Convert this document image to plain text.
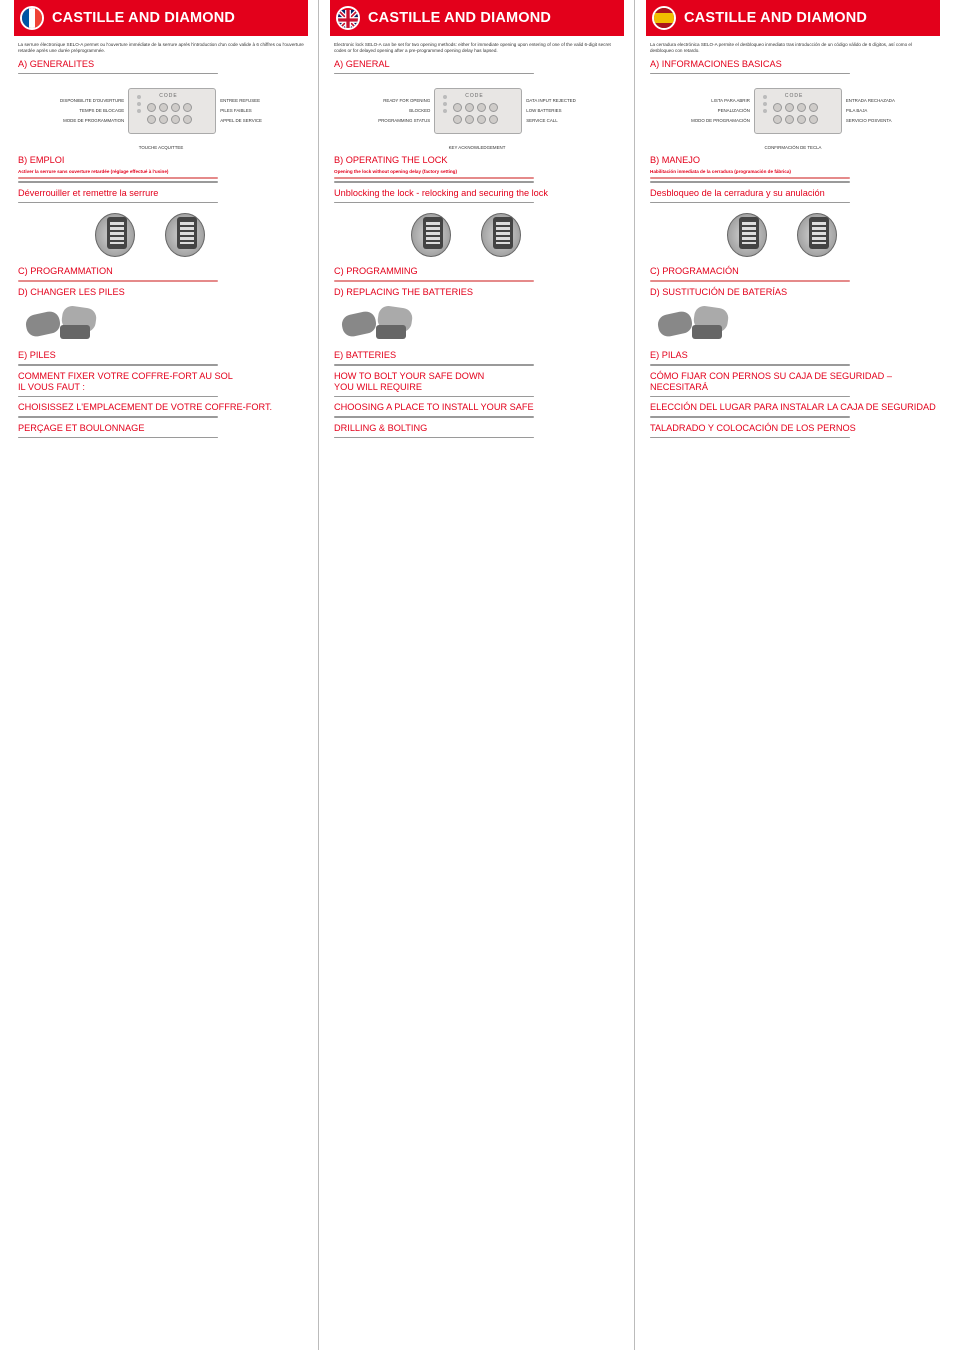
CASTILLE AND DIAMOND
La serrure électronique SELO-A permet ou l'ouverture immédiate de la serrure après l'introduction d'un code valide à 6 chiffres ou l'ouverture retardée après une durée préprogrammée.
A) GENERALITES
DISPONIBILITE D'OUVERTURE
TEMPS DE BLOCAGE
MODE DE PROGRAMMATION
CODE
ENTREE REFUSEE
PILES FAIBLES
APPEL DE SERVICE
TOUCHE ACQUITTEE
B) EMPLOI
Activer la serrure sans ouverture retardée (réglage effectué à l'usine)
Déverrouiller et remettre la serrure
C) PROGRAMMATION
D) CHANGER LES PILES
E) PILES
COMMENT FIXER VOTRE COFFRE-FORT AU SOL
IL VOUS FAUT :
CHOISISSEZ L'EMPLACEMENT DE VOTRE COFFRE-FORT.
PERÇAGE ET BOULONNAGE
CASTILLE AND DIAMOND
Electronic lock SELO-A can be set for two opening methods: either for immediate opening upon entering of one of the valid 6-digit secret codes or for delayed opening after a pre-programmed opening delay has lapsed.
A) GENERAL
READY FOR OPENING
BLOCKED
PROGRAMMING STATUS
CODE
DATA INPUT REJECTED
LOW BATTERIES
SERVICE CALL
KEY ACKNOWLEDGEMENT
B) OPERATING THE LOCK
Opening the lock without opening delay (factory setting)
Unblocking the lock - relocking and securing the lock
C) PROGRAMMING
D) REPLACING THE BATTERIES
E) BATTERIES
HOW TO BOLT YOUR SAFE DOWN
YOU WILL REQUIRE
CHOOSING A PLACE TO INSTALL YOUR SAFE
DRILLING & BOLTING
CASTILLE AND DIAMOND
La cerradura electrónica SELO-A permite el desbloqueo inmediato tras introducción de un código válido de 6 dígitos, así como el desbloqueo con retardo.
A) INFORMACIONES BASICAS
LISTA PARA ABRIR
PENALIZACIÓN
MODO DE PROGRAMACIÓN
CODE
ENTRADA RECHAZADA
PILA BAJA
SERVICIO POSVENTA
CONFIRMACIÓN DE TECLA
B) MANEJO
Habilitación inmediata de la cerradura (programación de fábrica)
Desbloqueo de la cerradura y su anulación
C) PROGRAMACIÓN
D) SUSTITUCIÓN DE BATERÍAS
E) PILAS
CÓMO FIJAR CON PERNOS SU CAJA DE SEGURIDAD –
NECESITARÁ
ELECCIÓN DEL LUGAR PARA INSTALAR LA CAJA DE SEGURIDAD
TALADRADO Y COLOCACIÓN DE LOS PERNOS
